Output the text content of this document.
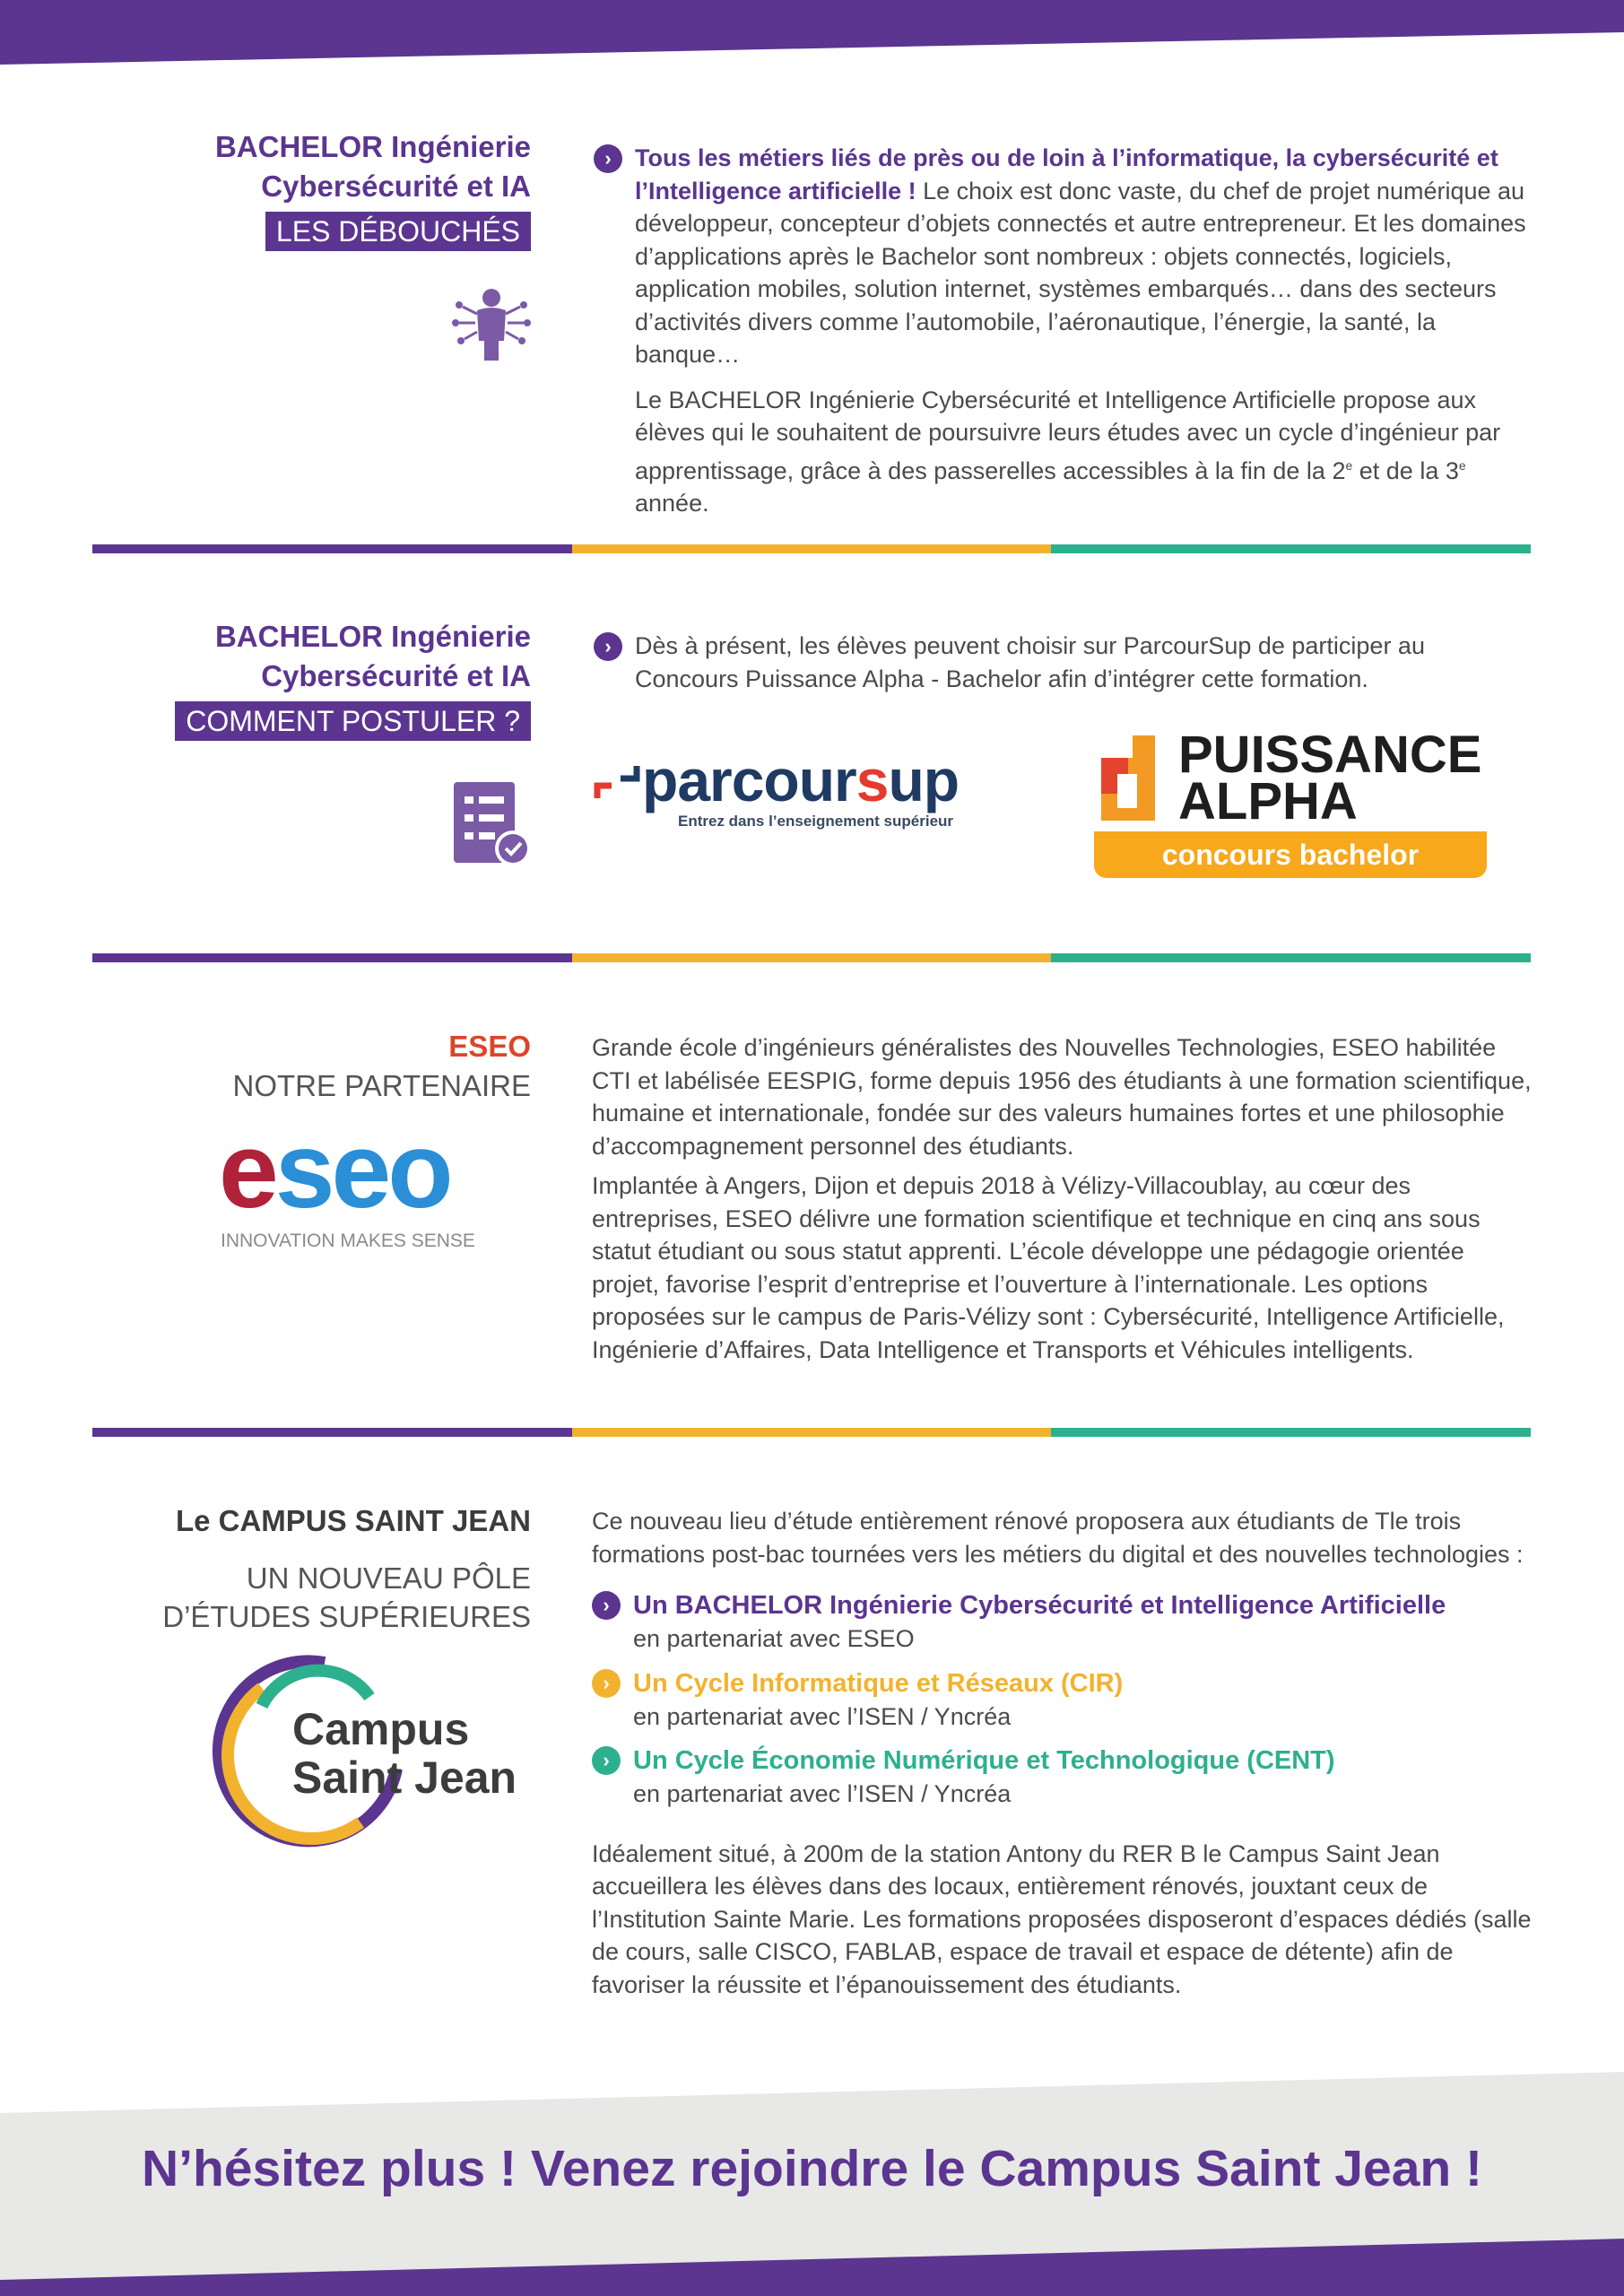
BACHELOR Ingénierie
Cybersécurité et IA
LES DÉBOUCHÉS
› Tous les métiers liés de près ou de loin à l’informatique, la cybersécurité et l’Intelligence artificielle ! Le choix est donc vaste, du chef de projet numérique au développeur, concepteur d’objets connectés et autre entrepreneur. Et les domaines d’applications après le Bachelor sont nombreux : objets connectés, logiciels, application mobiles, solution internet, systèmes embarqués… dans des secteurs d’activités divers comme l’automobile, l’aéronautique, l’énergie, la santé, la banque…

Le BACHELOR Ingénierie Cybersécurité et Intelligence Artificielle propose aux élèves qui le souhaitent de poursuivre leurs études avec un cycle d’ingénieur par apprentissage, grâce à des passerelles accessibles à la fin de la 2e et de la 3e année.

BACHELOR Ingénierie
Cybersécurité et IA
COMMENT POSTULER ?
› Dès à présent, les élèves peuvent choisir sur ParcourSup de participer au Concours Puissance Alpha - Bachelor afin d’intégrer cette formation.
parcoursup
Entrez dans l’enseignement supérieur
PUISSANCE
ALPHA
concours bachelor
ESEO
NOTRE PARTENAIRE
eseo
INNOVATION MAKES SENSE

Grande école d’ingénieurs généralistes des Nouvelles Technologies, ESEO habilitée CTI et labélisée EESPIG, forme depuis 1956 des étudiants à une formation scientifique, humaine et internationale, fondée sur des valeurs humaines fortes et une philosophie d’accompagnement personnel des étudiants.

Implantée à Angers, Dijon et depuis 2018 à Vélizy-Villacoublay, au cœur des entreprises, ESEO délivre une formation scientifique et technique en cinq ans sous statut étudiant ou sous statut apprenti. L’école développe une pédagogie orientée projet, favorise l’esprit d’entreprise et l’ouverture à l’internationale. Les options proposées sur le campus de Paris-Vélizy sont : Cybersécurité, Intelligence Artificielle, Ingénierie d’Affaires, Data Intelligence et Transports et Véhicules intelligents.

Le CAMPUS SAINT JEAN
UN NOUVEAU PÔLE
D’ÉTUDES SUPÉRIEURES
Campus
Saint Jean

Ce nouveau lieu d’étude entièrement rénové proposera aux étudiants de Tle trois formations post-bac tournées vers les métiers du digital et des nouvelles technologies :

› Un BACHELOR Ingénierie Cybersécurité et Intelligence Artificielle
en partenariat avec ESEO
› Un Cycle Informatique et Réseaux (CIR)
en partenariat avec l’ISEN / Yncréa
› Un Cycle Économie Numérique et Technologique (CENT)
en partenariat avec l’ISEN / Yncréa

Idéalement situé, à 200m de la station Antony du RER B le Campus Saint Jean accueillera les élèves dans des locaux, entièrement rénovés, jouxtant ceux de l’Institution Sainte Marie. Les formations proposées disposeront d’espaces dédiés (salle de cours, salle CISCO, FABLAB, espace de travail et espace de détente) afin de favoriser la réussite et l’épanouissement des étudiants.

N’hésitez plus ! Venez rejoindre le Campus Saint Jean !
